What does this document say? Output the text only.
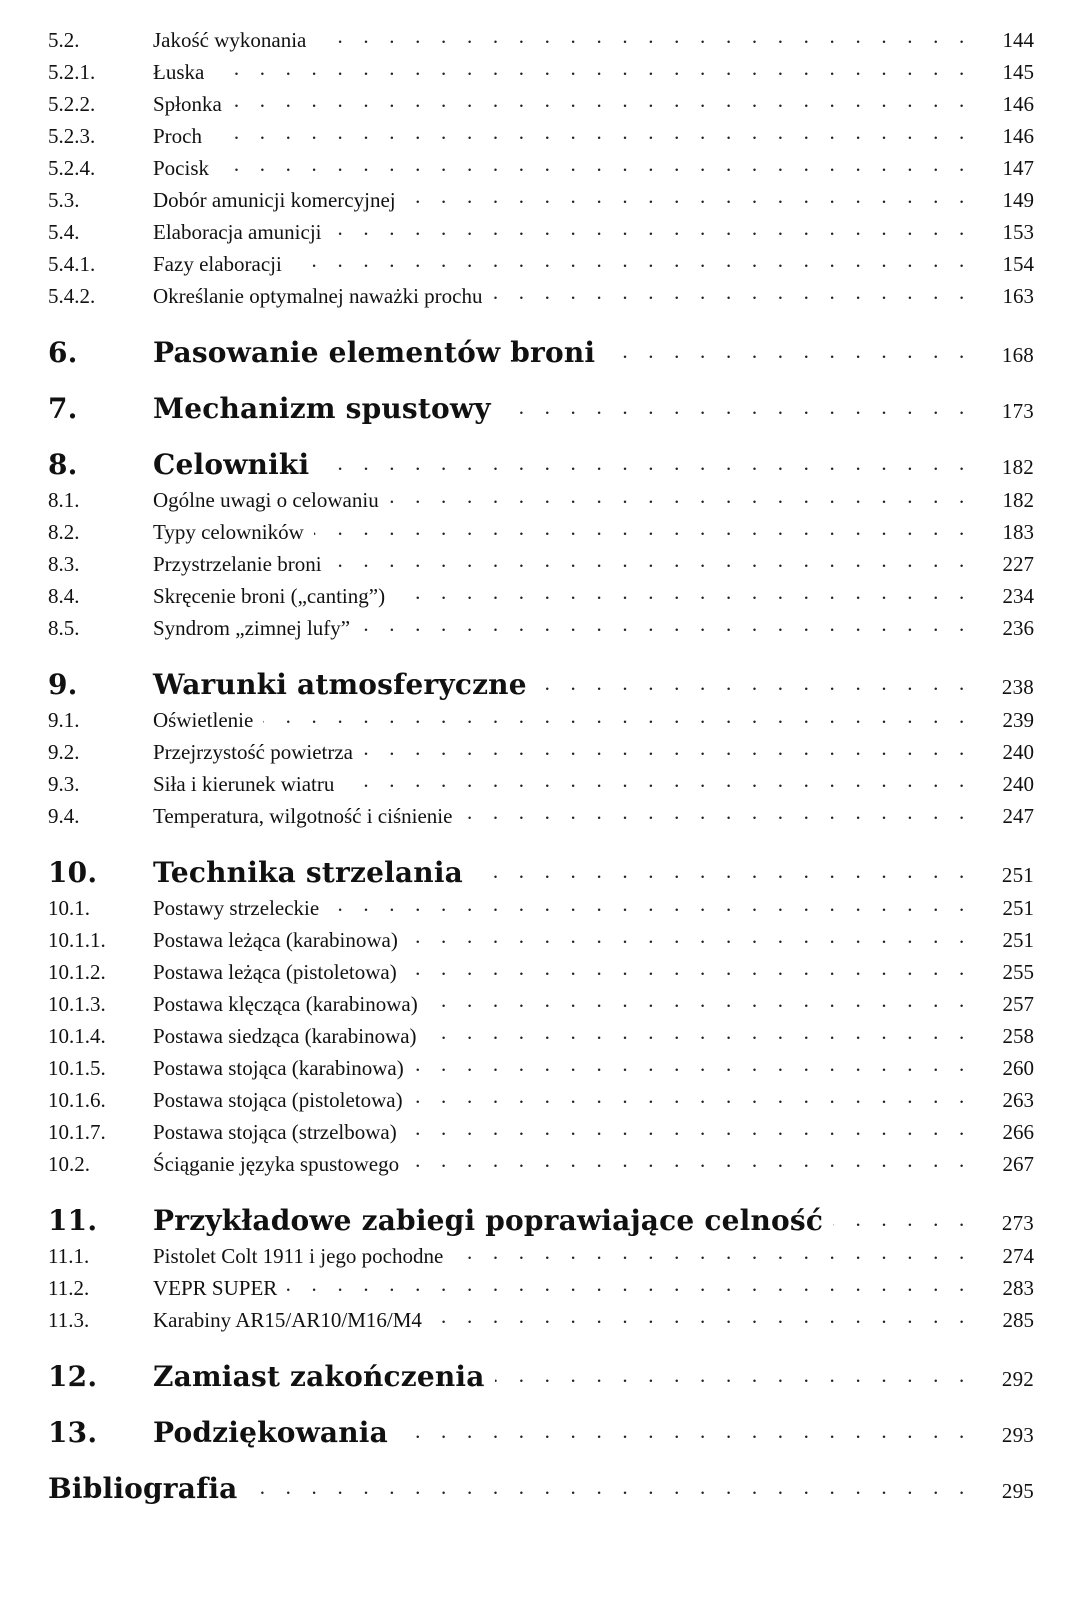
5.2.	Jakość wykonania . . .	144
5.2.1.	Łuska . . .	145
5.2.2.	Spłonka . . .	146
5.2.3.	Proch . . .	146
5.2.4.	Pocisk . . .	147
5.3.	Dobór amunicji komercyjnej . . .	149
5.4.	Elaboracja amunicji . . .	153
5.4.1.	Fazy elaboracji . . .	154
5.4.2.	Określanie optymalnej naważki prochu . . .	163
6.	Pasowanie elementów broni . . .	168
7.	Mechanizm spustowy . . .	173
8.	Celowniki . . .	182
8.1.	Ogólne uwagi o celowaniu . . .	182
8.2.	Typy celowników . . .	183
8.3.	Przystrzelanie broni . . .	227
8.4.	Skręcenie broni („canting”) . . .	234
8.5.	Syndrom „zimnej lufy” . . .	236
9.	Warunki atmosferyczne . . .	238
9.1.	Oświetlenie . . .	239
9.2.	Przejrzystość powietrza . . .	240
9.3.	Siła i kierunek wiatru . . .	240
9.4.	Temperatura, wilgotność i ciśnienie . . .	247
10.	Technika strzelania . . .	251
10.1.	Postawy strzeleckie . . .	251
10.1.1.	Postawa leżąca (karabinowa) . . .	251
10.1.2.	Postawa leżąca (pistoletowa) . . .	255
10.1.3.	Postawa klęcząca (karabinowa) . . .	257
10.1.4.	Postawa siedząca (karabinowa) . . .	258
10.1.5.	Postawa stojąca (karabinowa) . . .	260
10.1.6.	Postawa stojąca (pistoletowa) . . .	263
10.1.7.	Postawa stojąca (strzelbowa) . . .	266
10.2.	Ściąganie języka spustowego . . .	267
11.	Przykładowe zabiegi poprawiające celność . . .	273
11.1.	Pistolet Colt 1911 i jego pochodne . . .	274
11.2.	VEPR SUPER . . .	283
11.3.	Karabiny AR15/AR10/M16/M4 . . .	285
12.	Zamiast zakończenia . . .	292
13.	Podziękowania . . .	293
Bibliografia . . .	295
